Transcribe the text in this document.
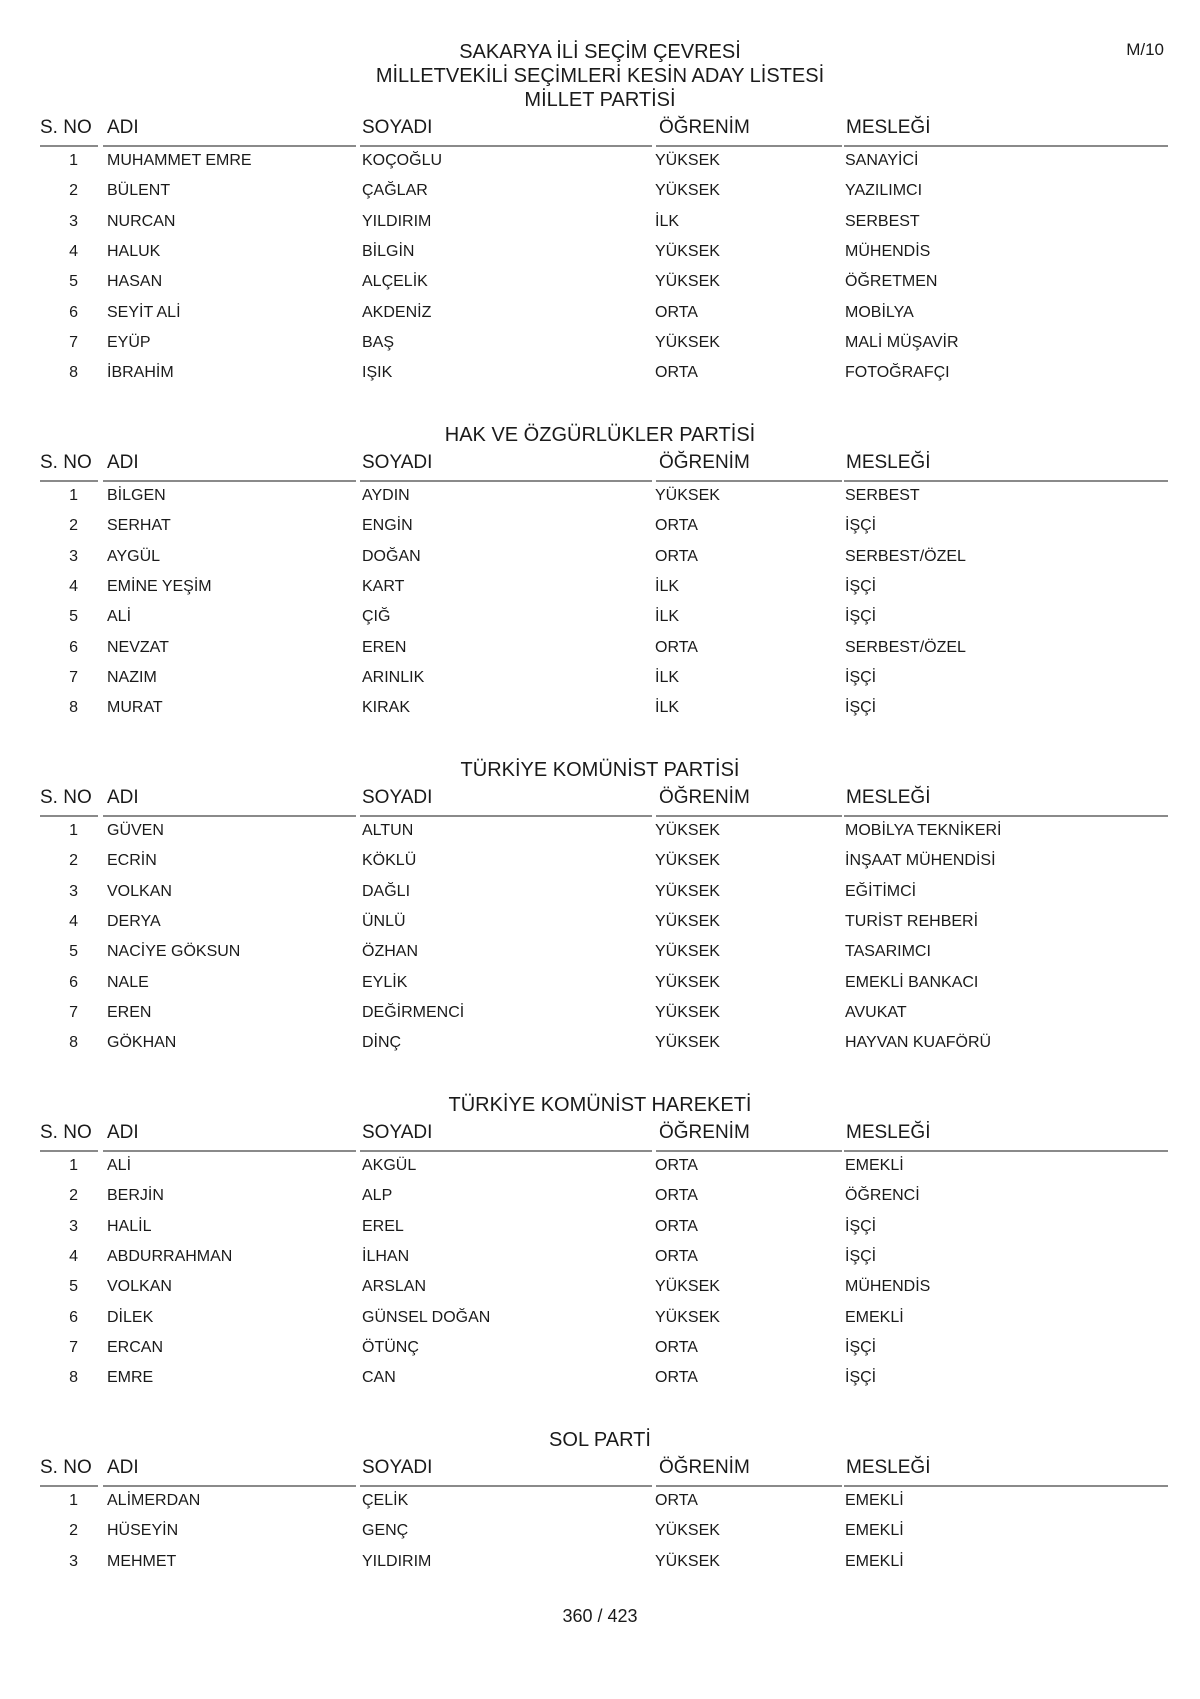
M/10
SAKARYA İLİ SEÇİM ÇEVRESİ
MİLLETVEKİLİ SEÇİMLERİ KESİN ADAY LİSTESİ
MİLLET PARTİSİ
S. NO ADI	SOYADI	ÖĞRENİM	MESLEĞİ
1 MUHAMMET EMRE	KOÇOĞLU	YÜKSEK	SANAYİCİ
2 BÜLENT	ÇAĞLAR	YÜKSEK	YAZILIMCI
3 NURCAN	YILDIRIM	İLK	SERBEST
4 HALUK	BİLGİN	YÜKSEK	MÜHENDİS
5 HASAN	ALÇELİK	YÜKSEK	ÖĞRETMEN
6 SEYİT ALİ	AKDENİZ	ORTA	MOBİLYA
7 EYÜP	BAŞ	YÜKSEK	MALİ MÜŞAVİR
8 İBRAHİM	IŞIK	ORTA	FOTOĞRAFÇI
HAK VE ÖZGÜRLÜKLER PARTİSİ
S. NO ADI	SOYADI	ÖĞRENİM	MESLEĞİ
1 BİLGEN	AYDIN	YÜKSEK	SERBEST
2 SERHAT	ENGİN	ORTA	İŞÇİ
3 AYGÜL	DOĞAN	ORTA	SERBEST/ÖZEL
4 EMİNE YEŞİM	KART	İLK	İŞÇİ
5 ALİ	ÇIĞ	İLK	İŞÇİ
6 NEVZAT	EREN	ORTA	SERBEST/ÖZEL
7 NAZIM	ARINLIK	İLK	İŞÇİ
8 MURAT	KIRAK	İLK	İŞÇİ
TÜRKİYE KOMÜNİST PARTİSİ
S. NO ADI	SOYADI	ÖĞRENİM	MESLEĞİ
1 GÜVEN	ALTUN	YÜKSEK	MOBİLYA TEKNİKERİ
2 ECRİN	KÖKLÜ	YÜKSEK	İNŞAAT MÜHENDİSİ
3 VOLKAN	DAĞLI	YÜKSEK	EĞİTİMCİ
4 DERYA	ÜNLÜ	YÜKSEK	TURİST REHBERİ
5 NACİYE GÖKSUN	ÖZHAN	YÜKSEK	TASARIMCI
6 NALE	EYLİK	YÜKSEK	EMEKLİ BANKACI
7 EREN	DEĞİRMENCİ	YÜKSEK	AVUKAT
8 GÖKHAN	DİNÇ	YÜKSEK	HAYVAN KUAFÖRÜ
TÜRKİYE KOMÜNİST HAREKETİ
S. NO ADI	SOYADI	ÖĞRENİM	MESLEĞİ
1 ALİ	AKGÜL	ORTA	EMEKLİ
2 BERJİN	ALP	ORTA	ÖĞRENCİ
3 HALİL	EREL	ORTA	İŞÇİ
4 ABDURRAHMAN	İLHAN	ORTA	İŞÇİ
5 VOLKAN	ARSLAN	YÜKSEK	MÜHENDİS
6 DİLEK	GÜNSEL DOĞAN	YÜKSEK	EMEKLİ
7 ERCAN	ÖTÜNÇ	ORTA	İŞÇİ
8 EMRE	CAN	ORTA	İŞÇİ
SOL PARTİ
S. NO ADI	SOYADI	ÖĞRENİM	MESLEĞİ
1 ALİMERDAN	ÇELİK	ORTA	EMEKLİ
2 HÜSEYİN	GENÇ	YÜKSEK	EMEKLİ
3 MEHMET	YILDIRIM	YÜKSEK	EMEKLİ
360 / 423
